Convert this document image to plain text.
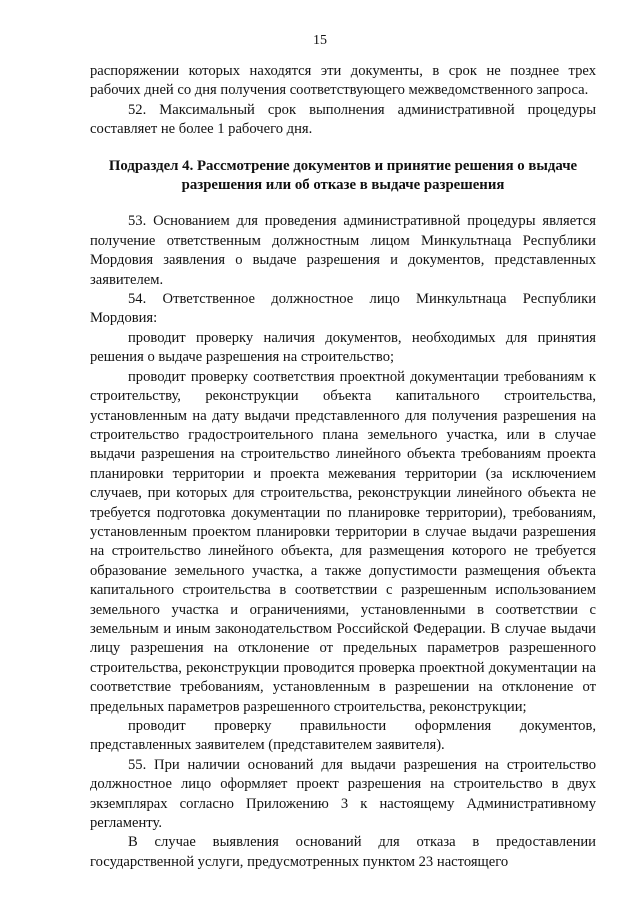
15

распоряжении которых находятся эти документы, в срок не позднее трех рабочих дней со дня получения соответствующего межведомственного запроса.

52. Максимальный срок выполнения административной процедуры составляет не более 1 рабочего дня.

Подраздел 4. Рассмотрение документов и принятие решения о выдаче
разрешения или об отказе в выдаче разрешения

53. Основанием для проведения административной процедуры является получение ответственным должностным лицом Минкультнаца Республики Мордовия заявления о выдаче разрешения и документов, представленных заявителем.

54. Ответственное должностное лицо Минкультнаца Республики Мордовия:

проводит проверку наличия документов, необходимых для принятия решения о выдаче разрешения на строительство;

проводит проверку соответствия проектной документации требованиям к строительству, реконструкции объекта капитального строительства, установленным на дату выдачи представленного для получения разрешения на строительство градостроительного плана земельного участка, или в случае выдачи разрешения на строительство линейного объекта требованиям проекта планировки территории и проекта межевания территории (за исключением случаев, при которых для строительства, реконструкции линейного объекта не требуется подготовка документации по планировке территории), требованиям, установленным проектом планировки территории в случае выдачи разрешения на строительство линейного объекта, для размещения которого не требуется образование земельного участка, а также допустимости размещения объекта капитального строительства в соответствии с разрешенным использованием земельного участка и ограничениями, установленными в соответствии с земельным и иным законодательством Российской Федерации. В случае выдачи лицу разрешения на отклонение от предельных параметров разрешенного строительства, реконструкции проводится проверка проектной документации на соответствие требованиям, установленным в разрешении на отклонение от предельных параметров разрешенного строительства, реконструкции;

проводит проверку правильности оформления документов, представленных заявителем (представителем заявителя).

55. При наличии оснований для выдачи разрешения на строительство должностное лицо оформляет проект разрешения на строительство в двух экземплярах согласно Приложению 3 к настоящему Административному регламенту.

В случае выявления оснований для отказа в предоставлении государственной услуги, предусмотренных пунктом 23 настоящего
